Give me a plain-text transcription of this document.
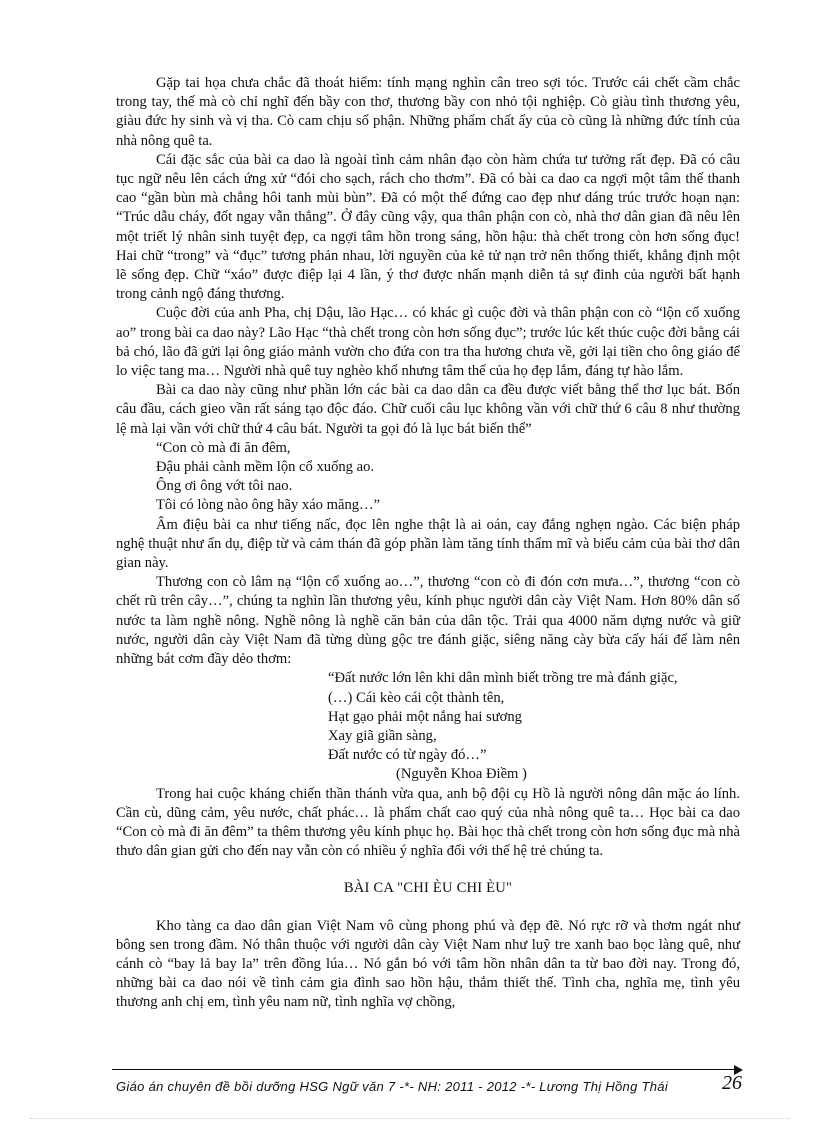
Gặp tai họa chưa chắc đã thoát hiểm: tính mạng nghìn cân treo sợi tóc. Trước cái chết cầm chắc trong tay, thế mà cò chỉ nghĩ đến bầy con thơ, thương bầy con nhỏ tội nghiệp. Cò giàu tình thương yêu, giàu đức hy sinh và vị tha. Cò cam chịu số phận. Những phẩm chất ấy của cò cũng là những đức tính của nhà nông quê ta.

Cái đặc sắc của bài ca dao là ngoài tình cảm nhân đạo còn hàm chứa tư tưởng rất đẹp. Đã có câu tục ngữ nêu lên cách ứng xử “đói cho sạch, rách cho thơm”. Đã có bài ca dao ca ngợi một tâm thế thanh cao “gần bùn mà chẳng hôi tanh mùi bùn”. Đã có một thế đứng cao đẹp như dáng trúc trước hoạn nạn: “Trúc dẫu cháy, đốt ngay vẫn thẳng”. Ở đây cũng vậy, qua thân phận con cò, nhà thơ dân gian đã nêu lên một triết lý nhân sinh tuyệt đẹp, ca ngợi tâm hồn trong sáng, hồn hậu: thà chết trong còn hơn sống đục! Hai chữ “trong” và “đục” tương phản nhau, lời nguyền của kẻ tử nạn trở nên thống thiết, khẳng định một lẽ sống đẹp. Chữ “xáo” được điệp lại 4 lần, ý thơ được nhấn mạnh diễn tả sự đinh của người bất hạnh trong cảnh ngộ đáng thương.

Cuộc đời của anh Pha, chị Dậu, lão Hạc… có khác gì cuộc đời và thân phận con cò “lộn cổ xuống ao” trong bài ca dao này? Lão Hạc “thà chết trong còn hơn sống đục”; trước lúc kết thúc cuộc đời bằng cái bả chó, lão đã gửi lại ông giáo mảnh vườn cho đứa con tra tha hương chưa về, gởi lại tiền cho ông giáo để lo việc tang ma… Người nhà quê tuy nghèo khổ nhưng tâm thế của họ đẹp lắm, đáng tự hào lắm.

Bài ca dao này cũng như phần lớn các bài ca dao dân ca đều được viết bằng thể thơ lục bát. Bốn câu đầu, cách gieo vần rất sáng tạo độc đáo. Chữ cuối câu lục không vần với chữ thứ 6 câu 8 như thường lệ mà lại vần với chữ thứ 4 câu bát. Người ta gọi đó là lục bát biến thể”

“Con cò mà đi ăn đêm,
Đậu phải cành mềm lộn cổ xuống ao.
Ông ơi ông vớt tôi nao.
Tôi có lòng nào ông hãy xáo măng…”

Âm điệu bài ca như tiếng nấc, đọc lên nghe thật là ai oán, cay đắng nghẹn ngào. Các biện pháp nghệ thuật như ẩn dụ, điệp từ và cảm thán đã góp phần làm tăng tính thẩm mĩ và biểu cảm của bài thơ dân gian này.

Thương con cò lâm nạ “lộn cổ xuống ao…”, thương “con cò đi đón cơn mưa…”, thương “con cò chết rũ trên cây…”, chúng ta nghìn lần thương yêu, kính phục người dân cày Việt Nam. Hơn 80% dân số nước ta làm nghề nông. Nghề nông là nghề căn bản của dân tộc. Trải qua 4000 năm dựng nước và giữ nước, người dân cày Việt Nam đã từng dùng gộc tre đánh giặc, siêng năng cày bừa cấy hái để làm nên những bát cơm đầy dẻo thơm:

“Đất nước lớn lên khi dân mình biết trồng tre mà đánh giặc,
(…) Cái kèo cái cột thành tên,
Hạt gạo phải một nắng hai sương
Xay giã giần sàng,
Đất nước có từ ngày đó…”
(Nguyễn Khoa Điềm )

Trong hai cuộc kháng chiến thần thánh vừa qua, anh bộ đội cụ Hồ là người nông dân mặc áo lính. Cần cù, dũng cảm, yêu nước, chất phác… là phẩm chất cao quý của nhà nông quê ta… Học bài ca dao “Con cò mà đi ăn đêm” ta thêm thương yêu kính phục họ. Bài học thà chết trong còn hơn sống đục mà nhà thưo dân gian gửi cho đến nay vẫn còn có nhiều ý nghĩa đối với thế hệ trẻ chúng ta.

BÀI CA "CHI ÈU CHI ÈU"

Kho tàng ca dao dân gian Việt Nam vô cùng phong phú và đẹp đẽ. Nó rực rỡ và thơm ngát như bông sen trong đầm. Nó thân thuộc với người dân cày Việt Nam như luỹ tre xanh bao bọc làng quê, như cánh cò “bay lả bay la” trên đồng lúa… Nó gắn bó với tâm hồn nhân dân ta từ bao đời nay. Trong đó, những bài ca dao nói về tình cảm gia đình sao hồn hậu, thắm thiết thế. Tình cha, nghĩa mẹ, tình yêu thương anh chị em, tình yêu nam nữ, tình nghĩa vợ chồng,

Giáo án chuyên đề bồi dưỡng HSG Ngữ văn 7 -*- NH: 2011 - 2012 -*- Lương Thị Hồng Thái	26
